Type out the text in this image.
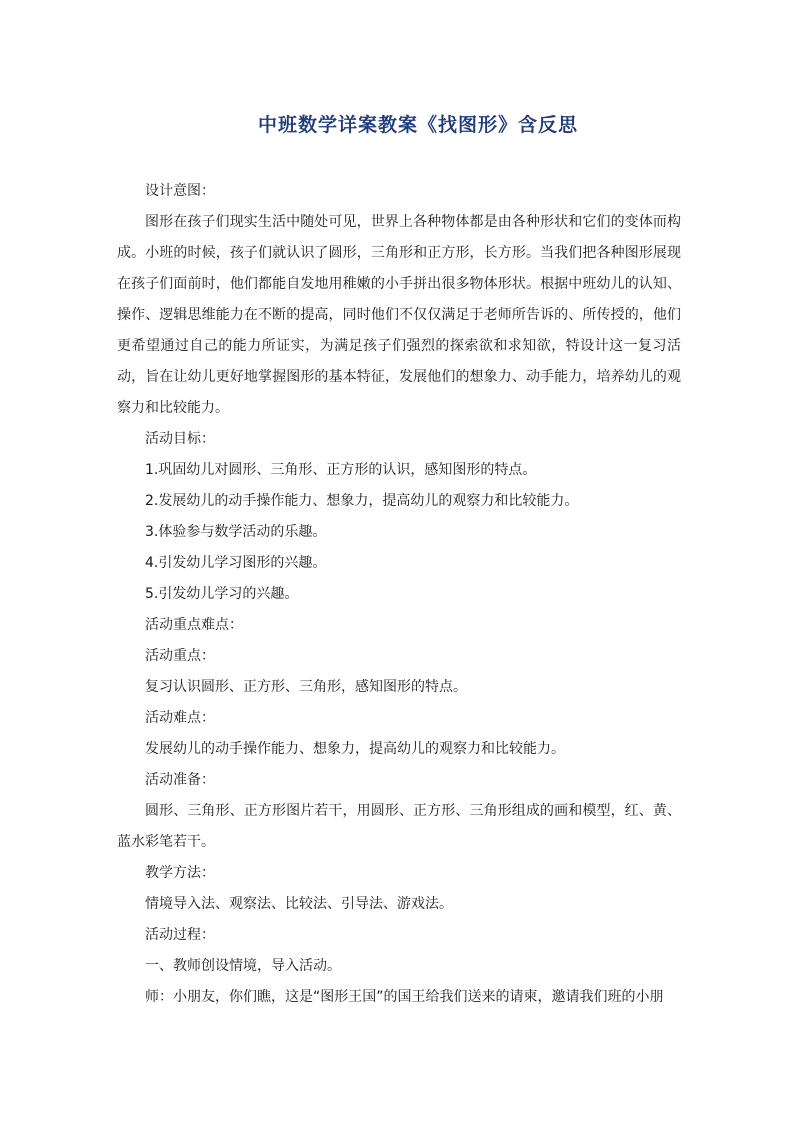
中班数学详案教案《找图形》含反思

设计意图：

图形在孩子们现实生活中随处可见，世界上各种物体都是由各种形状和它们的变体而构成。小班的时候，孩子们就认识了圆形，三角形和正方形，长方形。当我们把各种图形展现在孩子们面前时，他们都能自发地用稚嫩的小手拼出很多物体形状。根据中班幼儿的认知、操作、逻辑思维能力在不断的提高，同时他们不仅仅满足于老师所告诉的、所传授的，他们更希望通过自己的能力所证实，为满足孩子们强烈的探索欲和求知欲，特设计这一复习活动，旨在让幼儿更好地掌握图形的基本特征，发展他们的想象力、动手能力，培养幼儿的观察力和比较能力。

活动目标：

1.巩固幼儿对圆形、三角形、正方形的认识，感知图形的特点。

2.发展幼儿的动手操作能力、想象力，提高幼儿的观察力和比较能力。

3.体验参与数学活动的乐趣。

4.引发幼儿学习图形的兴趣。

5.引发幼儿学习的兴趣。

活动重点难点：

活动重点：

复习认识圆形、正方形、三角形，感知图形的特点。

活动难点：

发展幼儿的动手操作能力、想象力，提高幼儿的观察力和比较能力。

活动准备：

圆形、三角形、正方形图片若干，用圆形、正方形、三角形组成的画和模型，红、黄、蓝水彩笔若干。

教学方法：

情境导入法、观察法、比较法、引导法、游戏法。

活动过程：

一、教师创设情境，导入活动。

师：小朋友，你们瞧，这是“图形王国”的国王给我们送来的请柬，邀请我们班的小朋
